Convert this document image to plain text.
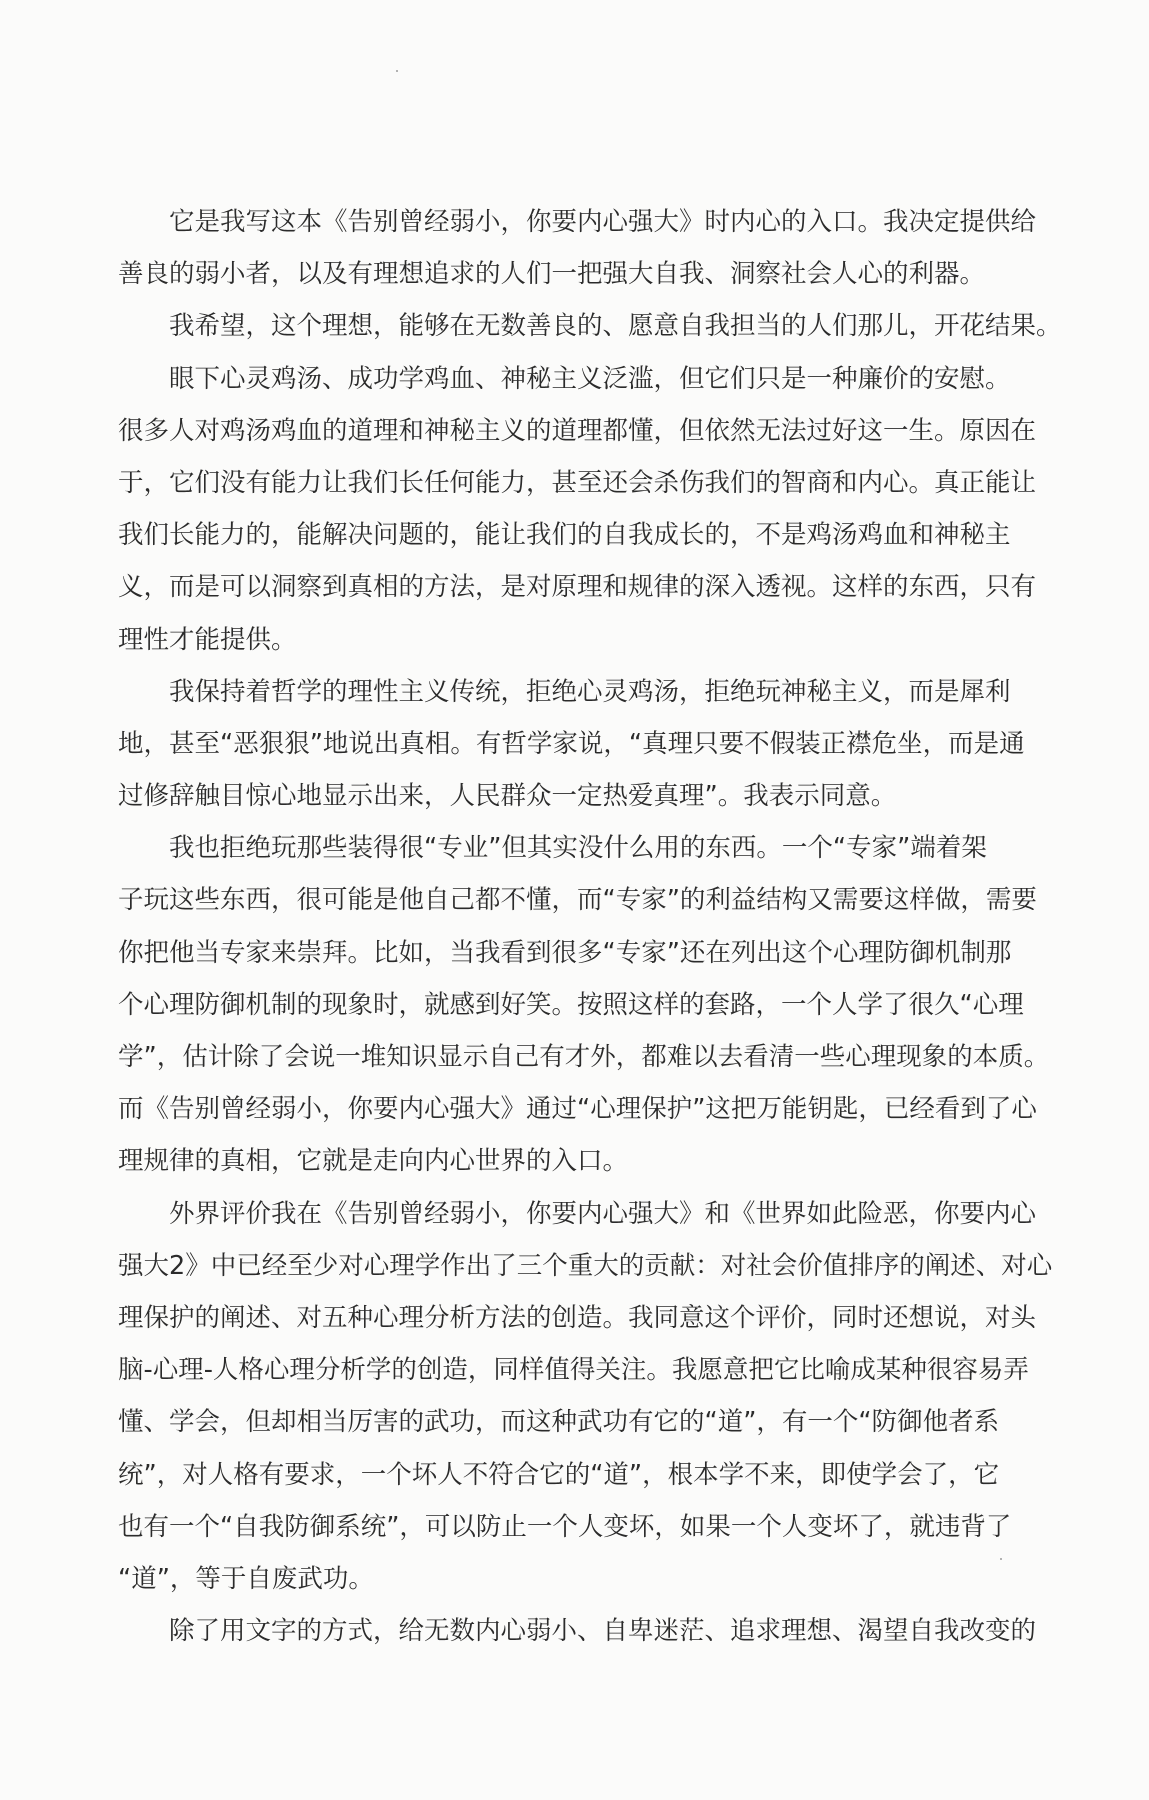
它是我写这本《告别曾经弱小，你要内心强大》时内心的入口。我决定提供给
善良的弱小者，以及有理想追求的人们一把强大自我、洞察社会人心的利器。
我希望，这个理想，能够在无数善良的、愿意自我担当的人们那儿，开花结果。
眼下心灵鸡汤、成功学鸡血、神秘主义泛滥，但它们只是一种廉价的安慰。
很多人对鸡汤鸡血的道理和神秘主义的道理都懂，但依然无法过好这一生。原因在
于，它们没有能力让我们长任何能力，甚至还会杀伤我们的智商和内心。真正能让
我们长能力的，能解决问题的，能让我们的自我成长的，不是鸡汤鸡血和神秘主
义，而是可以洞察到真相的方法，是对原理和规律的深入透视。这样的东西，只有
理性才能提供。
我保持着哲学的理性主义传统，拒绝心灵鸡汤，拒绝玩神秘主义，而是犀利
地，甚至“恶狠狠”地说出真相。有哲学家说，“真理只要不假装正襟危坐，而是通
过修辞触目惊心地显示出来，人民群众一定热爱真理”。我表示同意。
我也拒绝玩那些装得很“专业”但其实没什么用的东西。一个“专家”端着架
子玩这些东西，很可能是他自己都不懂，而“专家”的利益结构又需要这样做，需要
你把他当专家来崇拜。比如，当我看到很多“专家”还在列出这个心理防御机制那
个心理防御机制的现象时，就感到好笑。按照这样的套路，一个人学了很久“心理
学”，估计除了会说一堆知识显示自己有才外，都难以去看清一些心理现象的本质。
而《告别曾经弱小，你要内心强大》通过“心理保护”这把万能钥匙，已经看到了心
理规律的真相，它就是走向内心世界的入口。
外界评价我在《告别曾经弱小，你要内心强大》和《世界如此险恶，你要内心
强大2》中已经至少对心理学作出了三个重大的贡献：对社会价值排序的阐述、对心
理保护的阐述、对五种心理分析方法的创造。我同意这个评价，同时还想说，对头
脑-心理-人格心理分析学的创造，同样值得关注。我愿意把它比喻成某种很容易弄
懂、学会，但却相当厉害的武功，而这种武功有它的“道”，有一个“防御他者系
统”，对人格有要求，一个坏人不符合它的“道”，根本学不来，即使学会了，它
也有一个“自我防御系统”，可以防止一个人变坏，如果一个人变坏了，就违背了
“道”，等于自废武功。
除了用文字的方式，给无数内心弱小、自卑迷茫、追求理想、渴望自我改变的
